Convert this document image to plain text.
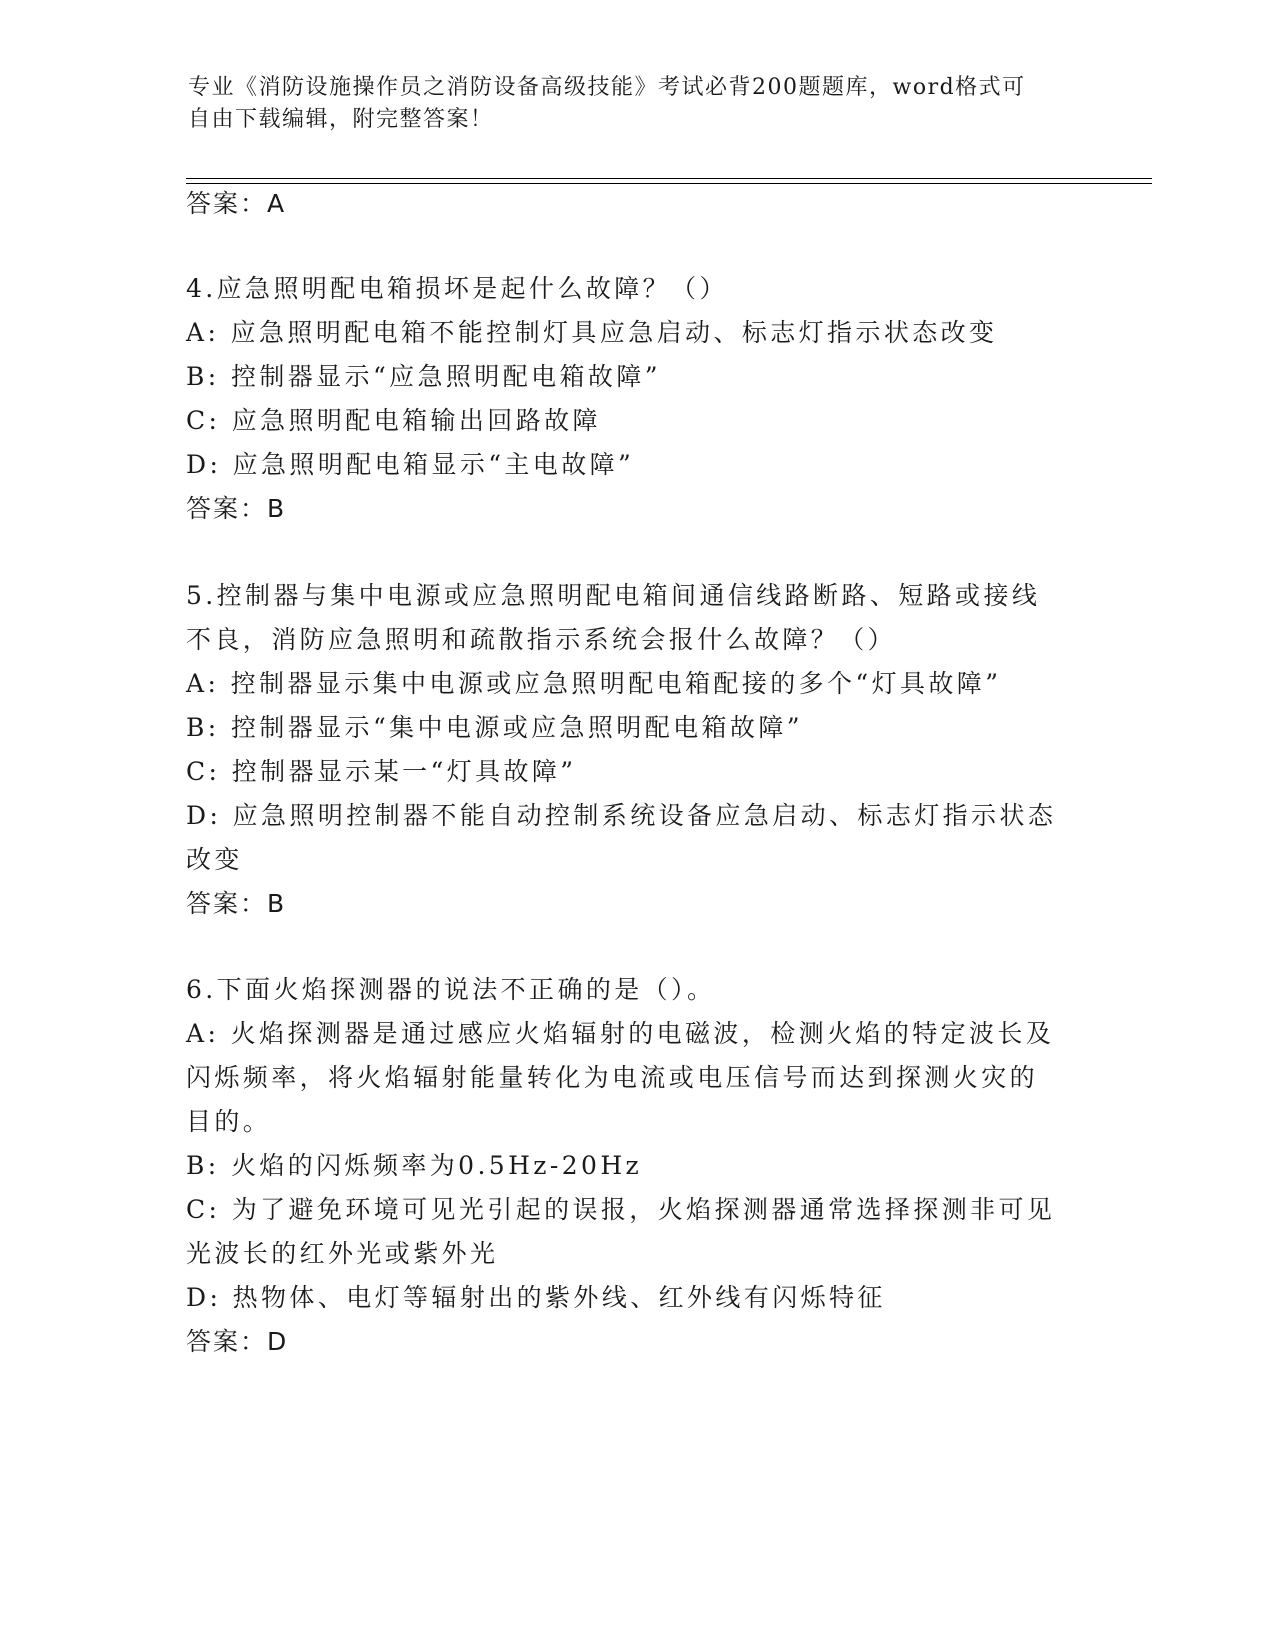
专业《消防设施操作员之消防设备高级技能》考试必背200题题库，word格式可
自由下载编辑，附完整答案！
答案：A
4.应急照明配电箱损坏是起什么故障？（）
A: 应急照明配电箱不能控制灯具应急启动、标志灯指示状态改变
B: 控制器显示“应急照明配电箱故障”
C: 应急照明配电箱输出回路故障
D: 应急照明配电箱显示“主电故障”
答案：B
5.控制器与集中电源或应急照明配电箱间通信线路断路、短路或接线
不良，消防应急照明和疏散指示系统会报什么故障？（）
A: 控制器显示集中电源或应急照明配电箱配接的多个“灯具故障”
B: 控制器显示“集中电源或应急照明配电箱故障”
C: 控制器显示某一“灯具故障”
D: 应急照明控制器不能自动控制系统设备应急启动、标志灯指示状态
改变
答案：B
6.下面火焰探测器的说法不正确的是（）。
A: 火焰探测器是通过感应火焰辐射的电磁波，检测火焰的特定波长及
闪烁频率，将火焰辐射能量转化为电流或电压信号而达到探测火灾的
目的。
B: 火焰的闪烁频率为0.5Hz-20Hz
C: 为了避免环境可见光引起的误报，火焰探测器通常选择探测非可见
光波长的红外光或紫外光
D: 热物体、电灯等辐射出的紫外线、红外线有闪烁特征
答案：D
